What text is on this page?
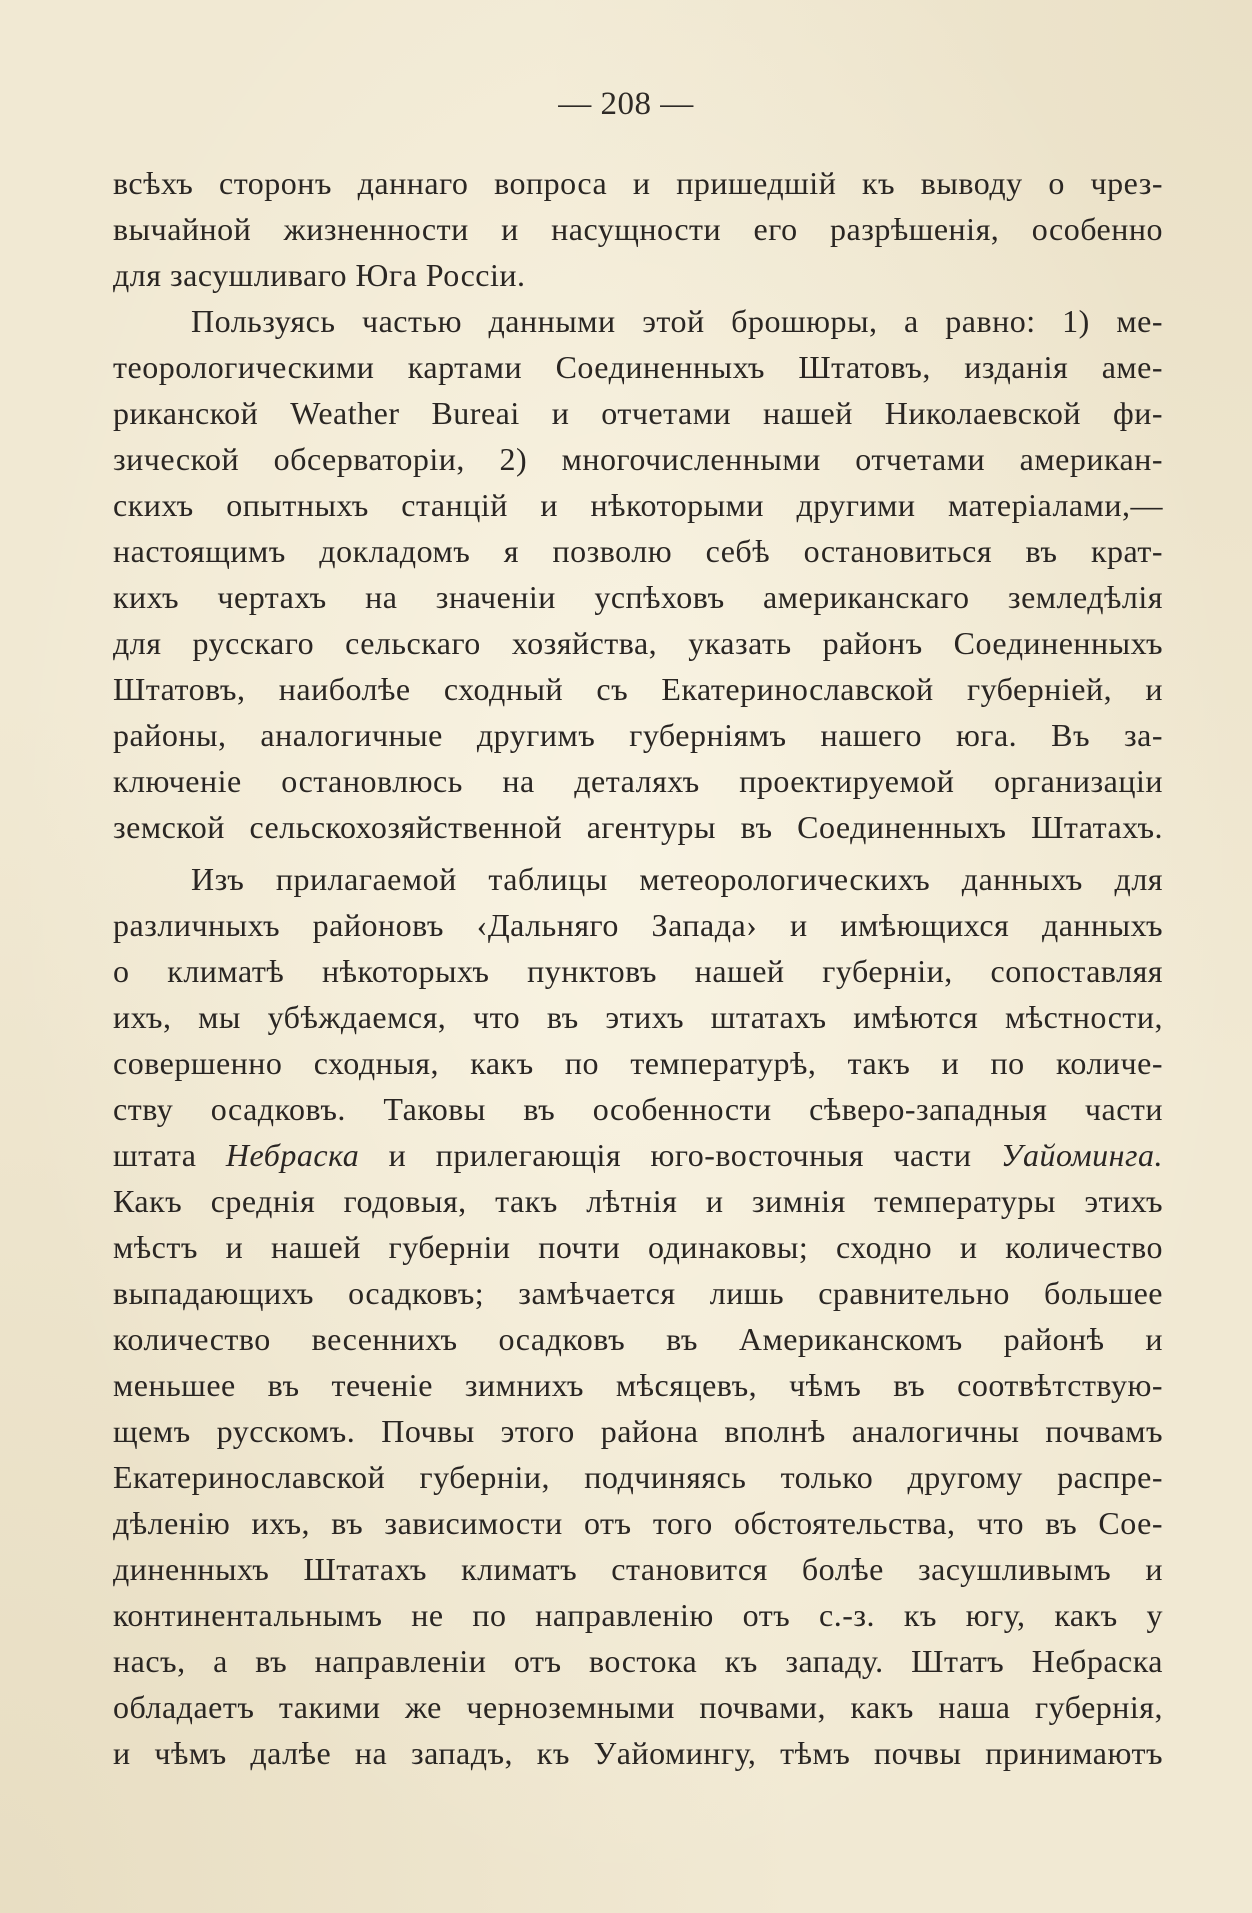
— 208 —
всѣхъ сторонъ даннаго вопроса и пришедшій къ выводу о чрез-
вычайной жизненности и насущности его разрѣшенія, особенно
для засушливаго Юга Россіи.
Пользуясь частью данными этой брошюры, а равно: 1) ме-
теорологическими картами Соединенныхъ Штатовъ, изданія аме-
риканской Weather Bureai и отчетами нашей Николаевской фи-
зической обсерваторіи, 2) многочисленными отчетами американ-
скихъ опытныхъ станцій и нѣкоторыми другими матеріалами,—
настоящимъ докладомъ я позволю себѣ остановиться въ крат-
кихъ чертахъ на значеніи успѣховъ американскаго земледѣлія
для русскаго сельскаго хозяйства, указать районъ Соединенныхъ
Штатовъ, наиболѣе сходный съ Екатеринославской губерніей, и
районы, аналогичные другимъ губерніямъ нашего юга. Въ за-
ключеніе остановлюсь на деталяхъ проектируемой организаціи
земской сельскохозяйственной агентуры въ Соединенныхъ Штатахъ.
Изъ прилагаемой таблицы метеорологическихъ данныхъ для
различныхъ районовъ ‹Дальняго Запада› и имѣющихся данныхъ
о климатѣ нѣкоторыхъ пунктовъ нашей губерніи, сопоставляя
ихъ, мы убѣждаемся, что въ этихъ штатахъ имѣются мѣстности,
совершенно сходныя, какъ по температурѣ, такъ и по количе-
ству осадковъ. Таковы въ особенности сѣверо-западныя части
штата Небраска и прилегающія юго-восточныя части Уайоминга.
Какъ среднія годовыя, такъ лѣтнія и зимнія температуры этихъ
мѣстъ и нашей губерніи почти одинаковы; сходно и количество
выпадающихъ осадковъ; замѣчается лишь сравнительно большее
количество весеннихъ осадковъ въ Американскомъ районѣ и
меньшее въ теченіе зимнихъ мѣсяцевъ, чѣмъ въ соотвѣтствую-
щемъ русскомъ. Почвы этого района вполнѣ аналогичны почвамъ
Екатеринославской губерніи, подчиняясь только другому распре-
дѣленію ихъ, въ зависимости отъ того обстоятельства, что въ Сое-
диненныхъ Штатахъ климатъ становится болѣе засушливымъ и
континентальнымъ не по направленію отъ с.-з. къ югу, какъ у
насъ, а въ направленіи отъ востока къ западу. Штатъ Небраска
обладаетъ такими же черноземными почвами, какъ наша губернія,
и чѣмъ далѣе на западъ, къ Уайомингу, тѣмъ почвы принимаютъ
